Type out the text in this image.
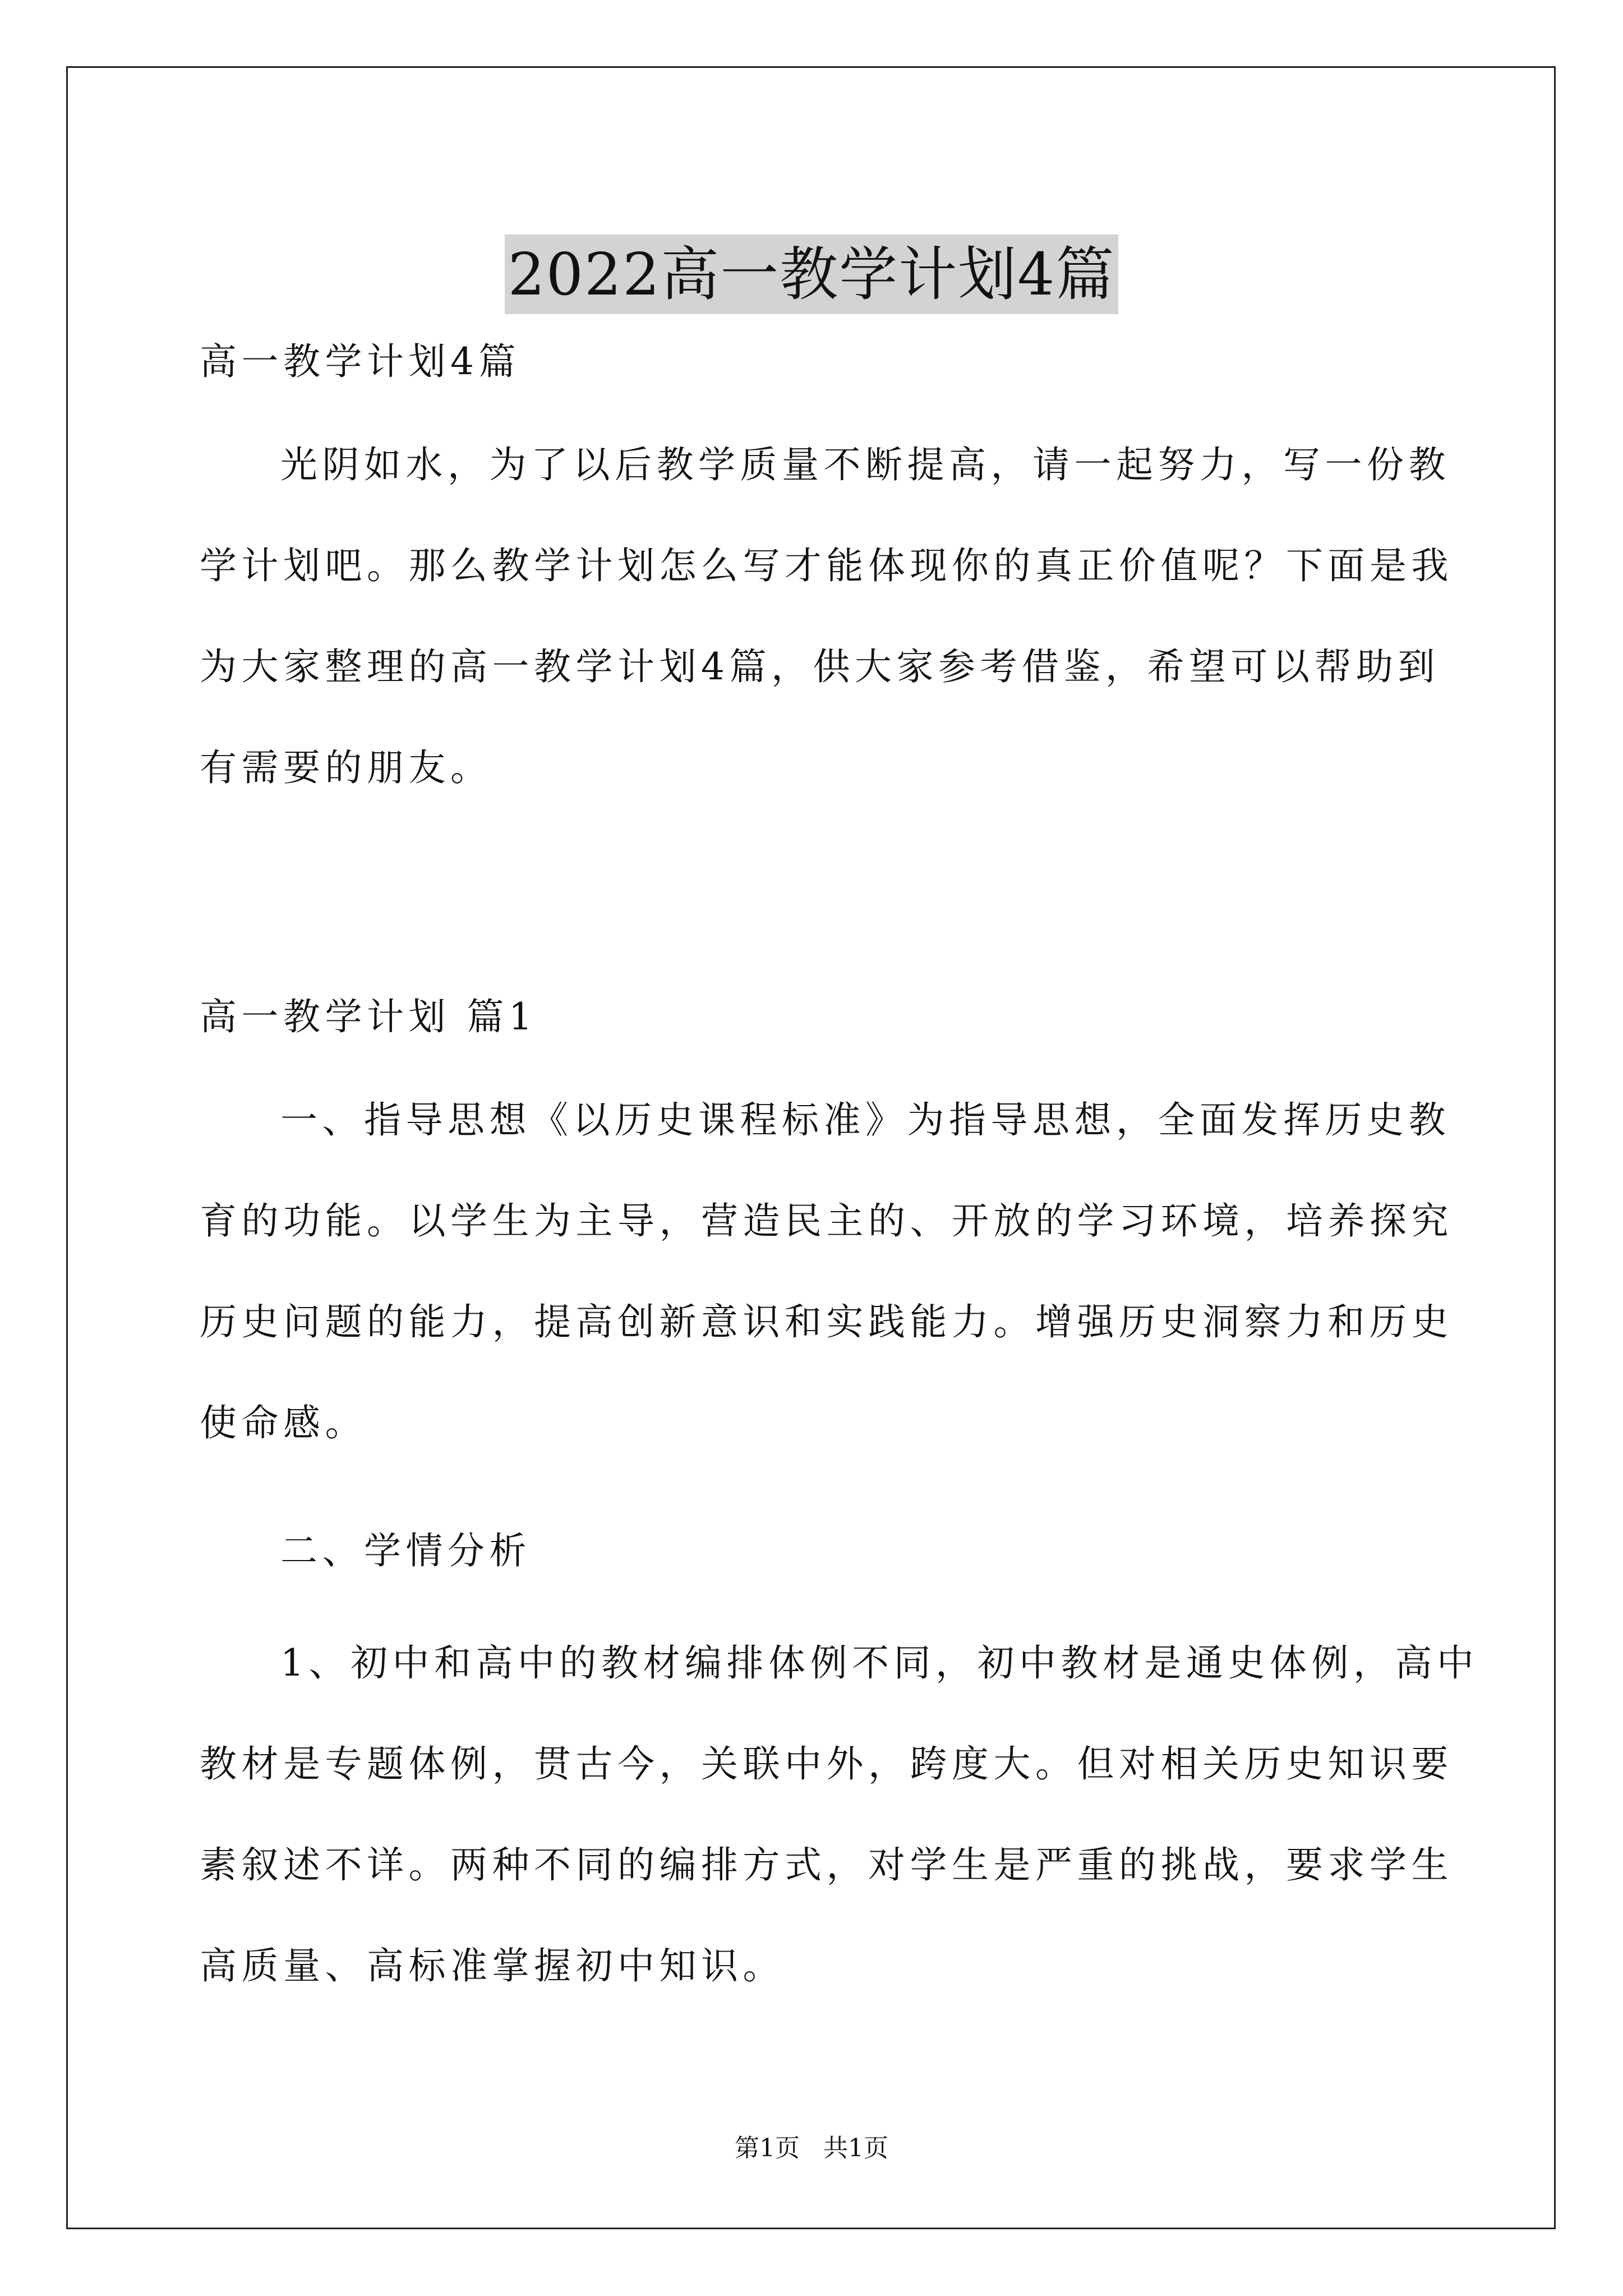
2022高一教学计划4篇
高一教学计划4篇
光阴如水，为了以后教学质量不断提高，请一起努力，写一份教
学计划吧。那么教学计划怎么写才能体现你的真正价值呢？下面是我
为大家整理的高一教学计划4篇，供大家参考借鉴，希望可以帮助到
有需要的朋友。
高一教学计划 篇1
一、指导思想《以历史课程标准》为指导思想，全面发挥历史教
育的功能。以学生为主导，营造民主的、开放的学习环境，培养探究
历史问题的能力，提高创新意识和实践能力。增强历史洞察力和历史
使命感。
二、学情分析
1、初中和高中的教材编排体例不同，初中教材是通史体例，高中
教材是专题体例，贯古今，关联中外，跨度大。但对相关历史知识要
素叙述不详。两种不同的编排方式，对学生是严重的挑战，要求学生
高质量、高标准掌握初中知识。
第1页   共1页
